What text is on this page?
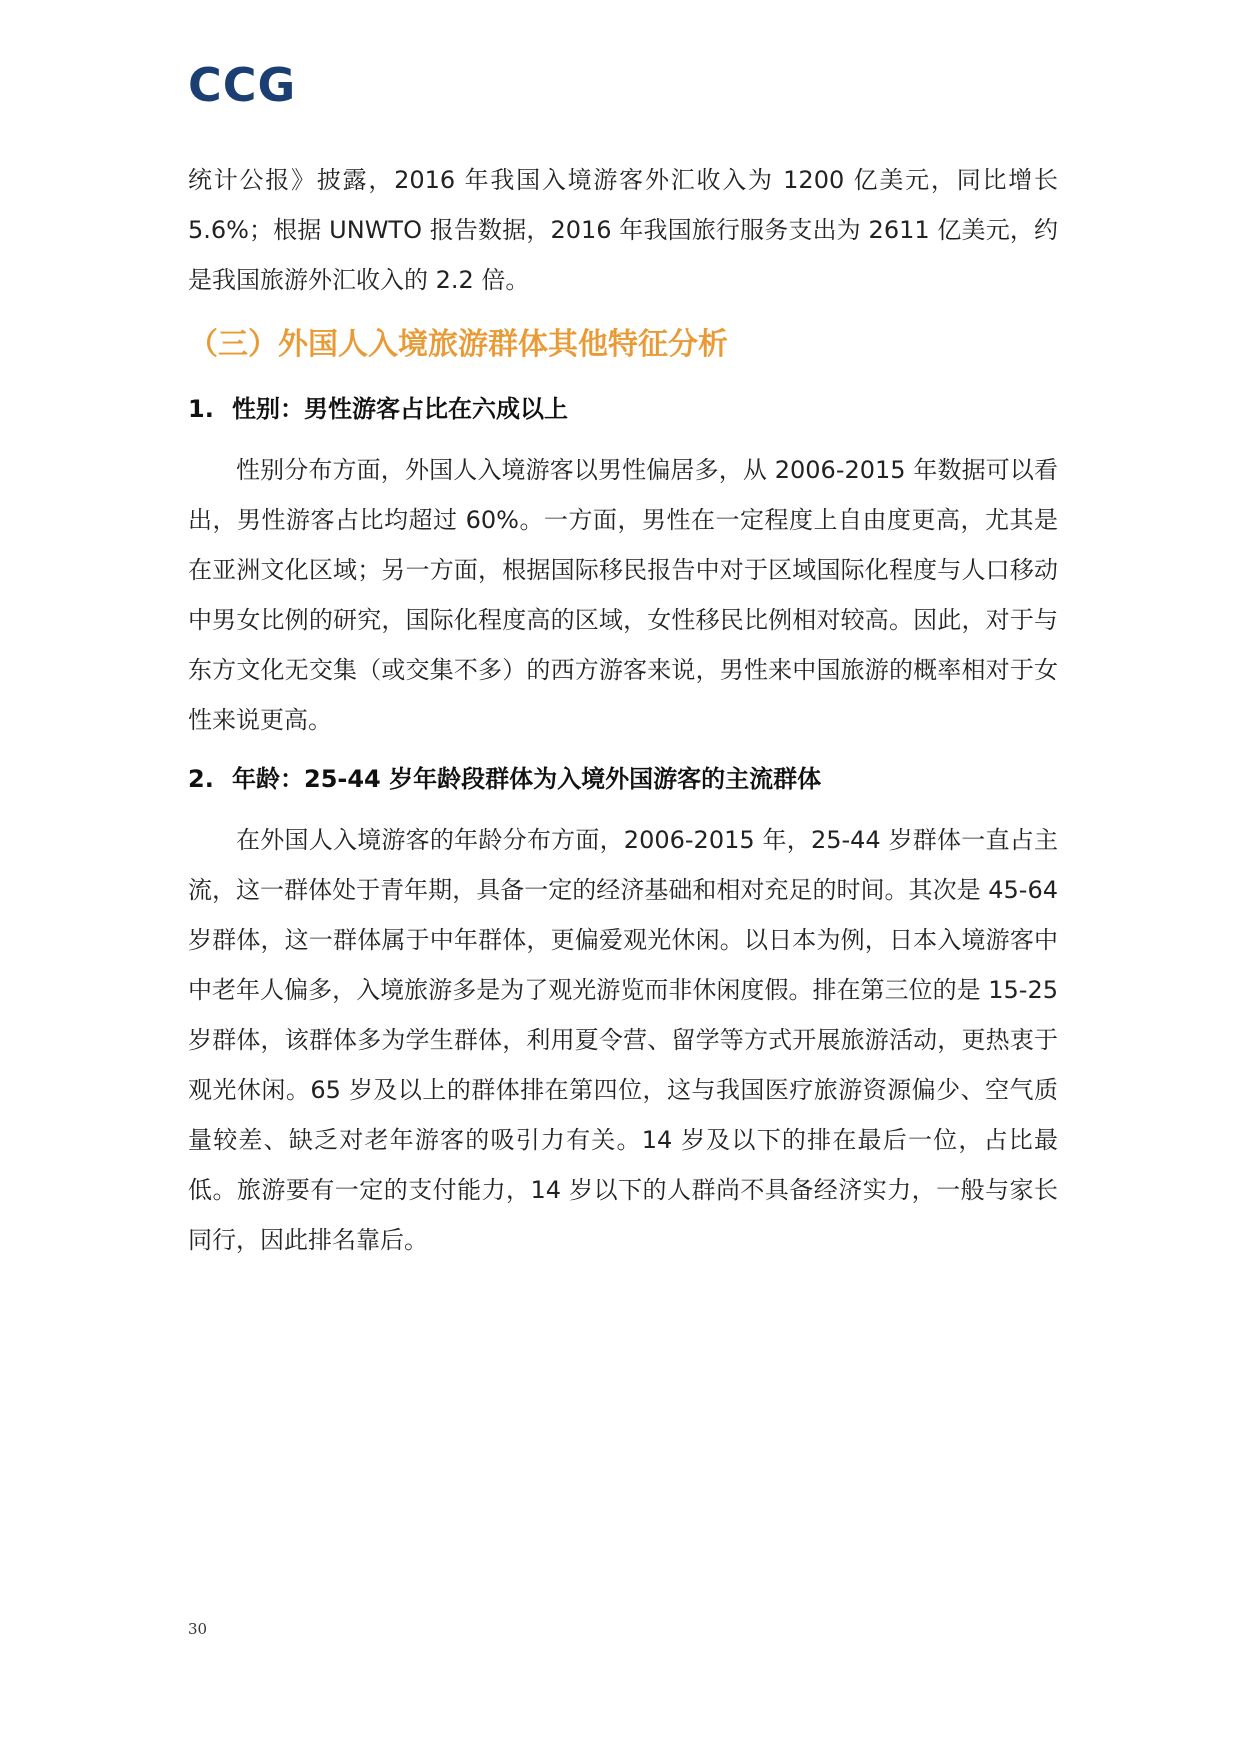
CCG

统计公报》披露，2016 年我国入境游客外汇收入为 1200 亿美元，同比增长 5.6%；根据 UNWTO 报告数据，2016 年我国旅行服务支出为 2611 亿美元，约是我国旅游外汇收入的 2.2 倍。

（三）外国人入境旅游群体其他特征分析
1. 性别：男性游客占比在六成以上

性别分布方面，外国人入境游客以男性偏居多，从 2006-2015 年数据可以看出，男性游客占比均超过 60%。一方面，男性在一定程度上自由度更高，尤其是在亚洲文化区域；另一方面，根据国际移民报告中对于区域国际化程度与人口移动中男女比例的研究，国际化程度高的区域，女性移民比例相对较高。因此，对于与东方文化无交集（或交集不多）的西方游客来说，男性来中国旅游的概率相对于女性来说更高。

2. 年龄：25-44 岁年龄段群体为入境外国游客的主流群体

在外国人入境游客的年龄分布方面，2006-2015 年，25-44 岁群体一直占主流，这一群体处于青年期，具备一定的经济基础和相对充足的时间。其次是 45-64 岁群体，这一群体属于中年群体，更偏爱观光休闲。以日本为例，日本入境游客中中老年人偏多，入境旅游多是为了观光游览而非休闲度假。排在第三位的是 15-25 岁群体，该群体多为学生群体，利用夏令营、留学等方式开展旅游活动，更热衷于观光休闲。65 岁及以上的群体排在第四位，这与我国医疗旅游资源偏少、空气质量较差、缺乏对老年游客的吸引力有关。14 岁及以下的排在最后一位，占比最低。旅游要有一定的支付能力，14 岁以下的人群尚不具备经济实力，一般与家长同行，因此排名靠后。

30
